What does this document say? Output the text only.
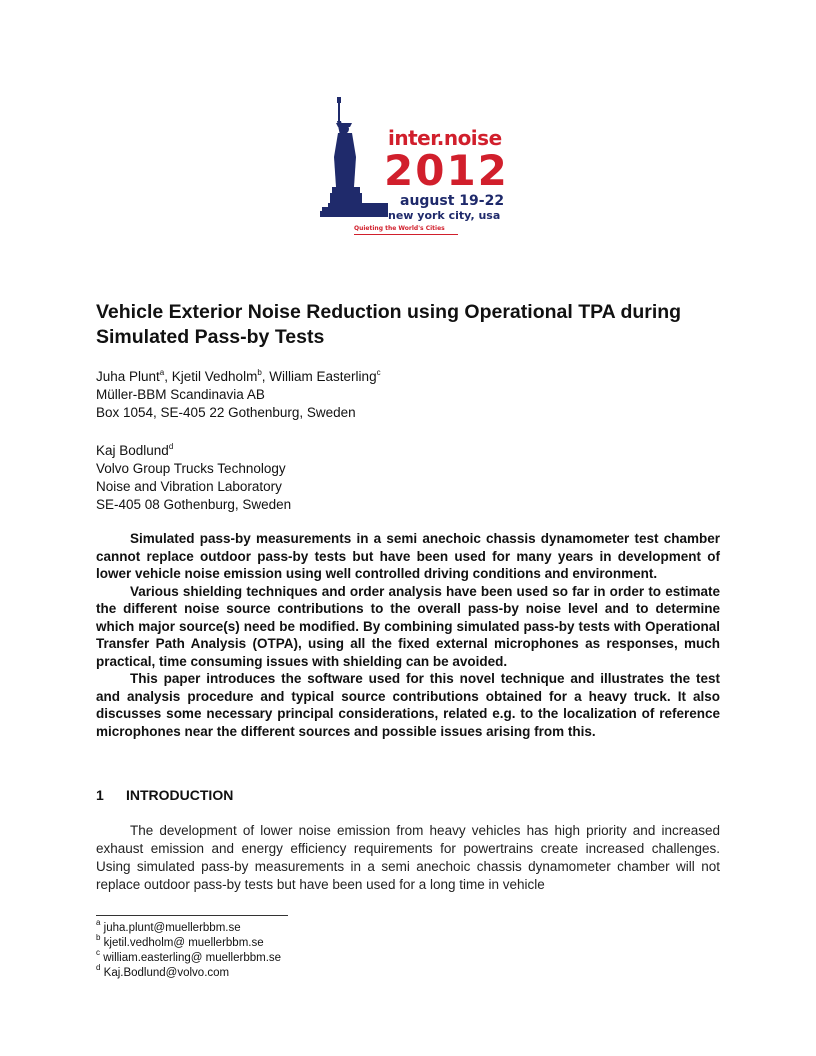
inter.noise
2012
august 19-22
new york city, usa
Quieting the World's Cities
Vehicle Exterior Noise Reduction using Operational TPA during Simulated Pass-by Tests
Juha Plunt$^a$, Kjetil Vedholm$^b$, William Easterling$^c$
Müller-BBM Scandinavia AB
Box 1054, SE-405 22 Gothenburg, Sweden
Kaj Bodlund$^d$
Volvo Group Trucks Technology
Noise and Vibration Laboratory
SE-405 08 Gothenburg, Sweden

Simulated pass-by measurements in a semi anechoic chassis dynamometer test chamber cannot replace outdoor pass-by tests but have been used for many years in development of lower vehicle noise emission using well controlled driving conditions and environment.

Various shielding techniques and order analysis have been used so far in order to estimate the different noise source contributions to the overall pass-by noise level and to determine which major source(s) need be modified. By combining simulated pass-by tests with Operational Transfer Path Analysis (OTPA), using all the fixed external microphones as responses, much practical, time consuming issues with shielding can be avoided.

This paper introduces the software used for this novel technique and illustrates the test and analysis procedure and typical source contributions obtained for a heavy truck. It also discusses some necessary principal considerations, related e.g. to the localization of reference microphones near the different sources and possible issues arising from this.

1 INTRODUCTION
The development of lower noise emission from heavy vehicles has high priority and increased exhaust emission and energy efficiency requirements for powertrains create increased challenges. Using simulated pass-by measurements in a semi anechoic chassis dynamometer chamber will not replace outdoor pass-by tests but have been used for a long time in vehicle
$^a$ juha.plunt@muellerbbm.se
$^b$ kjetil.vedholm@ muellerbbm.se
$^c$ william.easterling@ muellerbbm.se
$^d$ Kaj.Bodlund@volvo.com
